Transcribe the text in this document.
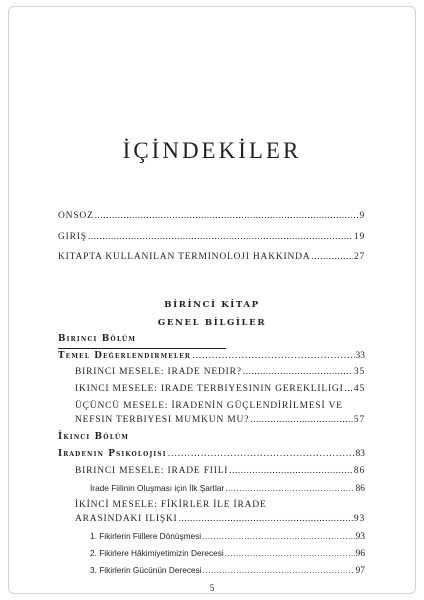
İÇİNDEKİLER
ÖNSÖZ .....	9
GİRİŞ .....	19
KİTAPTA KULLANILAN TERMİNOLOJİ HAKKINDA .....	27
BİRİNCİ KİTAP
GENEL BİLGİLER
Birinci Bölüm
Temel Değerlendirmeler .....	33
BİRİNCİ MESELE: İRADE NEDİR? .....	35
İKİNCİ MESELE: İRADE TERBİYESİNİN GEREKLİLİĞİ ..... 45
ÜÇÜNCÜ MESELE: İRADENİN GÜÇLENDİRİLMESİ VE
NEFSİN TERBİYESİ MÜMKÜN MÜ? .....	57
İkinci Bölüm
İradenin Psikolojisi .....	83
BİRİNCİ MESELE: İRADE FİİLİ .....	86
İrade Fiilinin Oluşması için İlk Şartlar .....	86
İKİNCİ MESELE: FİKİRLER İLE İRADE
ARASINDAKİ İLİŞKİ .....	93
1. Fikirlerin Fiillere Dönüşmesi .....	93
2. Fikirlere Hâkimiyetimizin Derecesi .....	96
3. Fikirlerin Gücünün Derecesi .....	97
5
